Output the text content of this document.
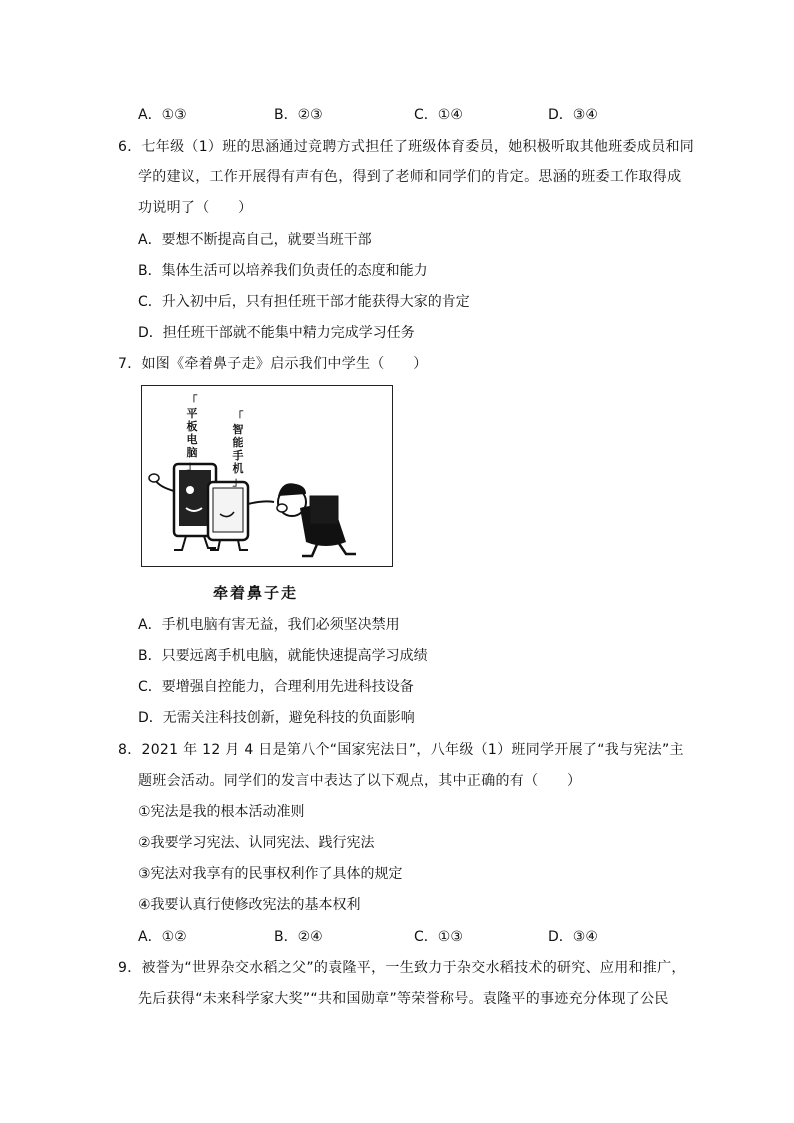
A．①③	B．②③	C．①④	D．③④
6．七年级（1）班的思涵通过竞聘方式担任了班级体育委员，她积极听取其他班委成员和同
学的建议，工作开展得有声有色，得到了老师和同学们的肯定。思涵的班委工作取得成
功说明了（　　）
A．要想不断提高自己，就要当班干部
B．集体生活可以培养我们负责任的态度和能力
C．升入初中后，只有担任班干部才能获得大家的肯定
D．担任班干部就不能集中精力完成学习任务
7．如图《牵着鼻子走》启示我们中学生（　　）
「
平
板
电
脑
」
「
智
能
手
机
」
牵着鼻子走
A．手机电脑有害无益，我们必须坚决禁用
B．只要远离手机电脑，就能快速提高学习成绩
C．要增强自控能力，合理利用先进科技设备
D．无需关注科技创新，避免科技的负面影响
8．2021 年 12 月 4 日是第八个“国家宪法日”，八年级（1）班同学开展了“我与宪法”主
题班会活动。同学们的发言中表达了以下观点，其中正确的有（　　）
①宪法是我的根本活动准则
②我要学习宪法、认同宪法、践行宪法
③宪法对我享有的民事权利作了具体的规定
④我要认真行使修改宪法的基本权利
A．①②	B．②④	C．①③	D．③④
9．被誉为“世界杂交水稻之父”的袁隆平，一生致力于杂交水稻技术的研究、应用和推广，
先后获得“未来科学家大奖”“共和国勋章”等荣誉称号。袁隆平的事迹充分体现了公民
